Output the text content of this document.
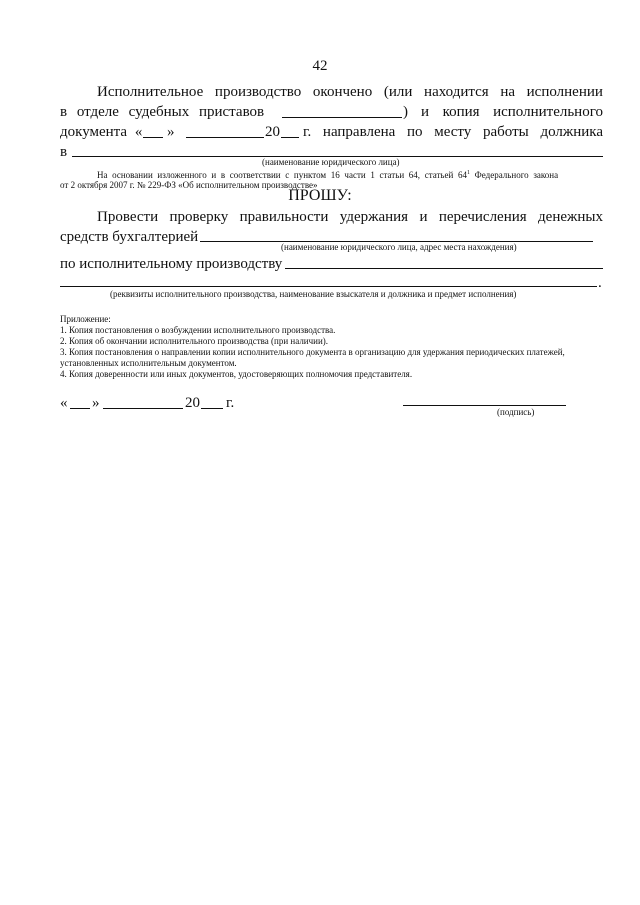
42
Исполнительное производство окончено (или находится на исполнении
в отделе судебных приставов	) и копия исполнительного
документа « »	20 г. направлена по месту работы должника
в
(наименование юридического лица)
На основании изложенного и в соответствии с пунктом 16 части 1 статьи 64, статьей $64^1$ Федерального закона
от 2 октября 2007 г. № 229-ФЗ «Об исполнительном производстве»
ПРОШУ:
Провести проверку правильности удержания и перечисления денежных
средств бухгалтерией
(наименование юридического лица, адрес места нахождения)
по исполнительному производству
.
(реквизиты исполнительного производства, наименование взыскателя и должника и предмет исполнения)
Приложение:
1. Копия постановления о возбуждении исполнительного производства.
2. Копия об окончании исполнительного производства (при наличии).
3. Копия постановления о направлении копии исполнительного документа в организацию для удержания периодических платежей,
установленных исполнительным документом.
4. Копия доверенности или иных документов, удостоверяющих полномочия представителя.
« »	20 г.
(подпись)
